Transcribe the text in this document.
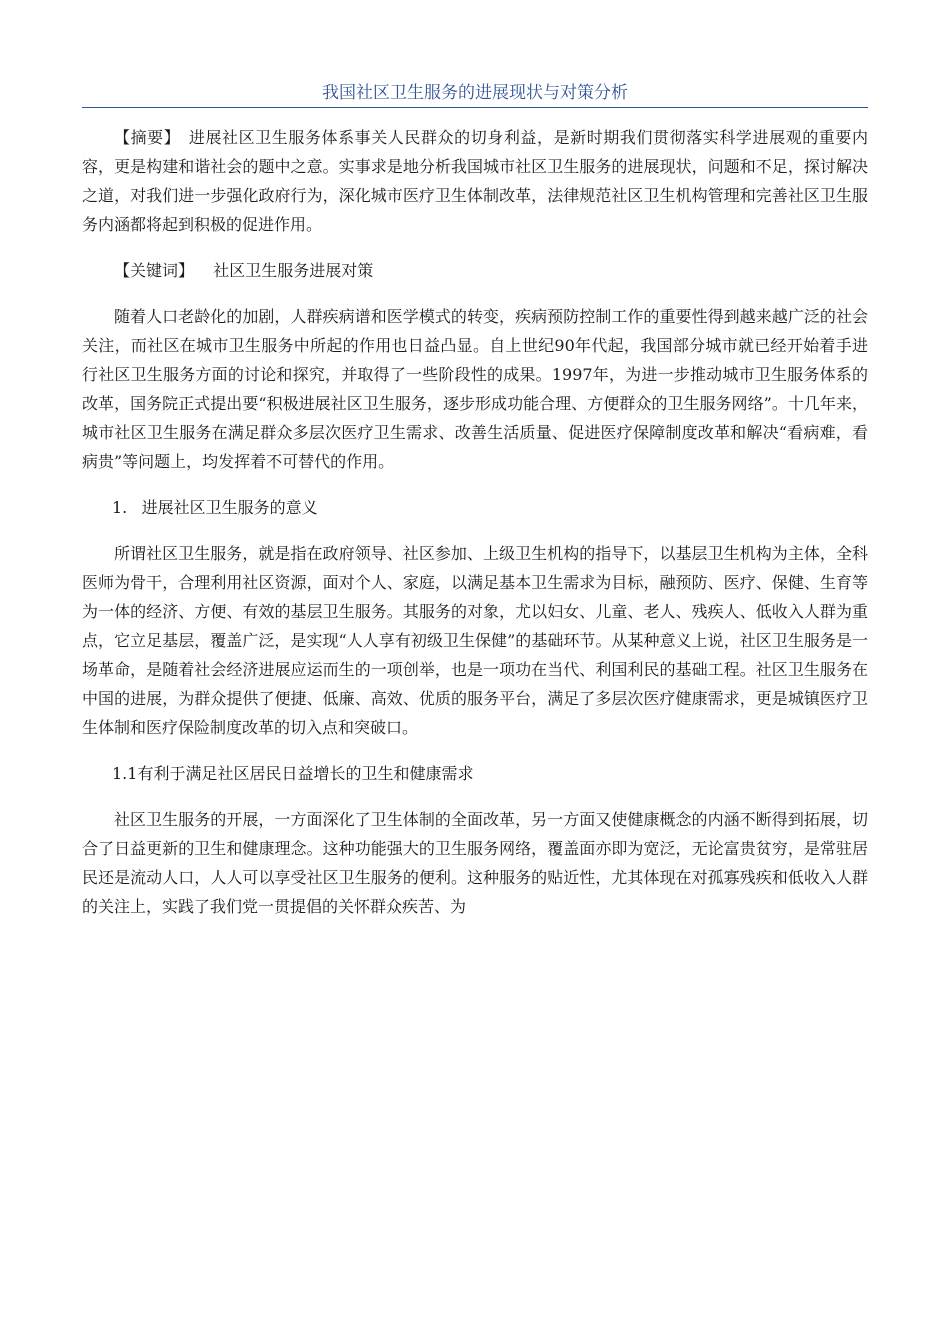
我国社区卫生服务的进展现状与对策分析

【摘要】　 进展社区卫生服务体系事关人民群众的切身利益，是新时期我们贯彻落实科学进展观的重要内容，更是构建和谐社会的题中之意。实事求是地分析我国城市社区卫生服务的进展现状，问题和不足，探讨解决之道，对我们进一步强化政府行为，深化城市医疗卫生体制改革，法律规范社区卫生机构管理和完善社区卫生服务内涵都将起到积极的促进作用。

【关键词】 社区卫生服务进展对策

随着人口老龄化的加剧，人群疾病谱和医学模式的转变，疾病预防控制工作的重要性得到越来越广泛的社会关注，而社区在城市卫生服务中所起的作用也日益凸显。自上世纪90年代起，我国部分城市就已经开始着手进行社区卫生服务方面的讨论和探究，并取得了一些阶段性的成果。1997年，为进一步推动城市卫生服务体系的改革，国务院正式提出要“积极进展社区卫生服务，逐步形成功能合理、方便群众的卫生服务网络”。十几年来，城市社区卫生服务在满足群众多层次医疗卫生需求、改善生活质量、促进医疗保障制度改革和解决“看病难，看病贵”等问题上，均发挥着不可替代的作用。

1. 进展社区卫生服务的意义

所谓社区卫生服务，就是指在政府领导、社区参加、上级卫生机构的指导下，以基层卫生机构为主体，全科医师为骨干，合理利用社区资源，面对个人、家庭，以满足基本卫生需求为目标，融预防、医疗、保健、生育等为一体的经济、方便、有效的基层卫生服务。其服务的对象，尤以妇女、儿童、老人、残疾人、低收入人群为重点，它立足基层，覆盖广泛，是实现“人人享有初级卫生保健”的基础环节。从某种意义上说，社区卫生服务是一场革命，是随着社会经济进展应运而生的一项创举，也是一项功在当代、利国利民的基础工程。社区卫生服务在中国的进展，为群众提供了便捷、低廉、高效、优质的服务平台，满足了多层次医疗健康需求，更是城镇医疗卫生体制和医疗保险制度改革的切入点和突破口。

1.1有利于满足社区居民日益增长的卫生和健康需求

社区卫生服务的开展，一方面深化了卫生体制的全面改革，另一方面又使健康概念的内涵不断得到拓展，切合了日益更新的卫生和健康理念。这种功能强大的卫生服务网络，覆盖面亦即为宽泛，无论富贵贫穷，是常驻居民还是流动人口，人人可以享受社区卫生服务的便利。这种服务的贴近性，尤其体现在对孤寡残疾和低收入人群的关注上，实践了我们党一贯提倡的关怀群众疾苦、为
